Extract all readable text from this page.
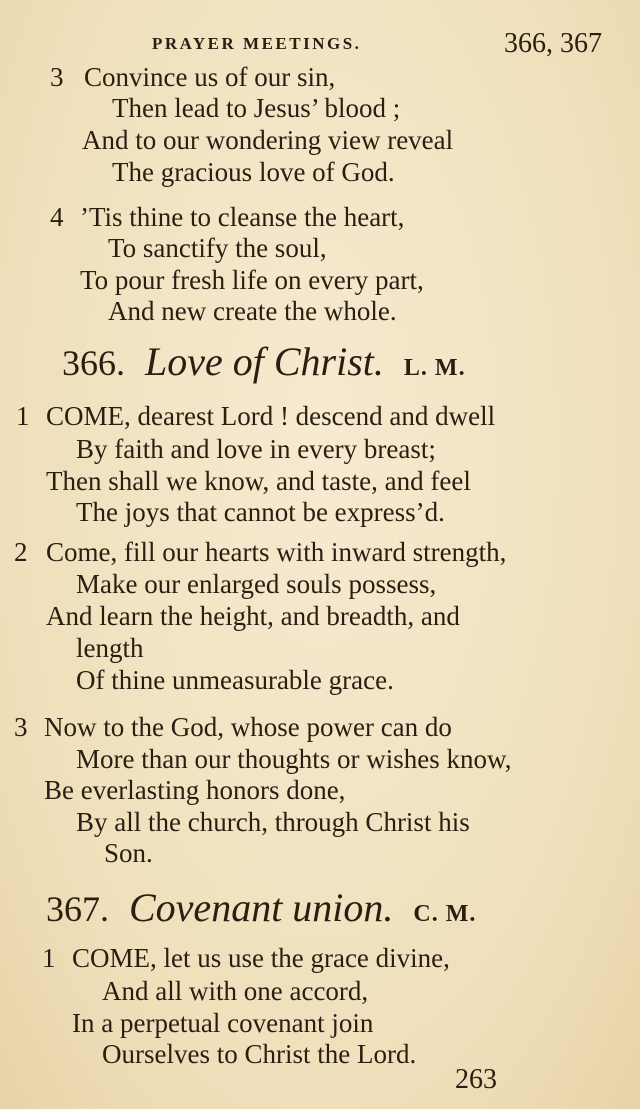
PRAYER MEETINGS.	366, 367
3 Convince us of our sin,
Then lead to Jesus’ blood ;
And to our wondering view reveal
The gracious love of God.
4 ’Tis thine to cleanse the heart,
To sanctify the soul,
To pour fresh life on every part,
And new create the whole.
366. Love of Christ. L. M.
1 COME, dearest Lord ! descend and dwell
By faith and love in every breast;
Then shall we know, and taste, and feel
The joys that cannot be express’d.
2 Come, fill our hearts with inward strength,
Make our enlarged souls possess,
And learn the height, and breadth, and
length
Of thine unmeasurable grace.
3 Now to the God, whose power can do
More than our thoughts or wishes know,
Be everlasting honors done,
By all the church, through Christ his
Son.
367. Covenant union. C. M.
1 COME, let us use the grace divine,
And all with one accord,
In a perpetual covenant join
Ourselves to Christ the Lord.
263
